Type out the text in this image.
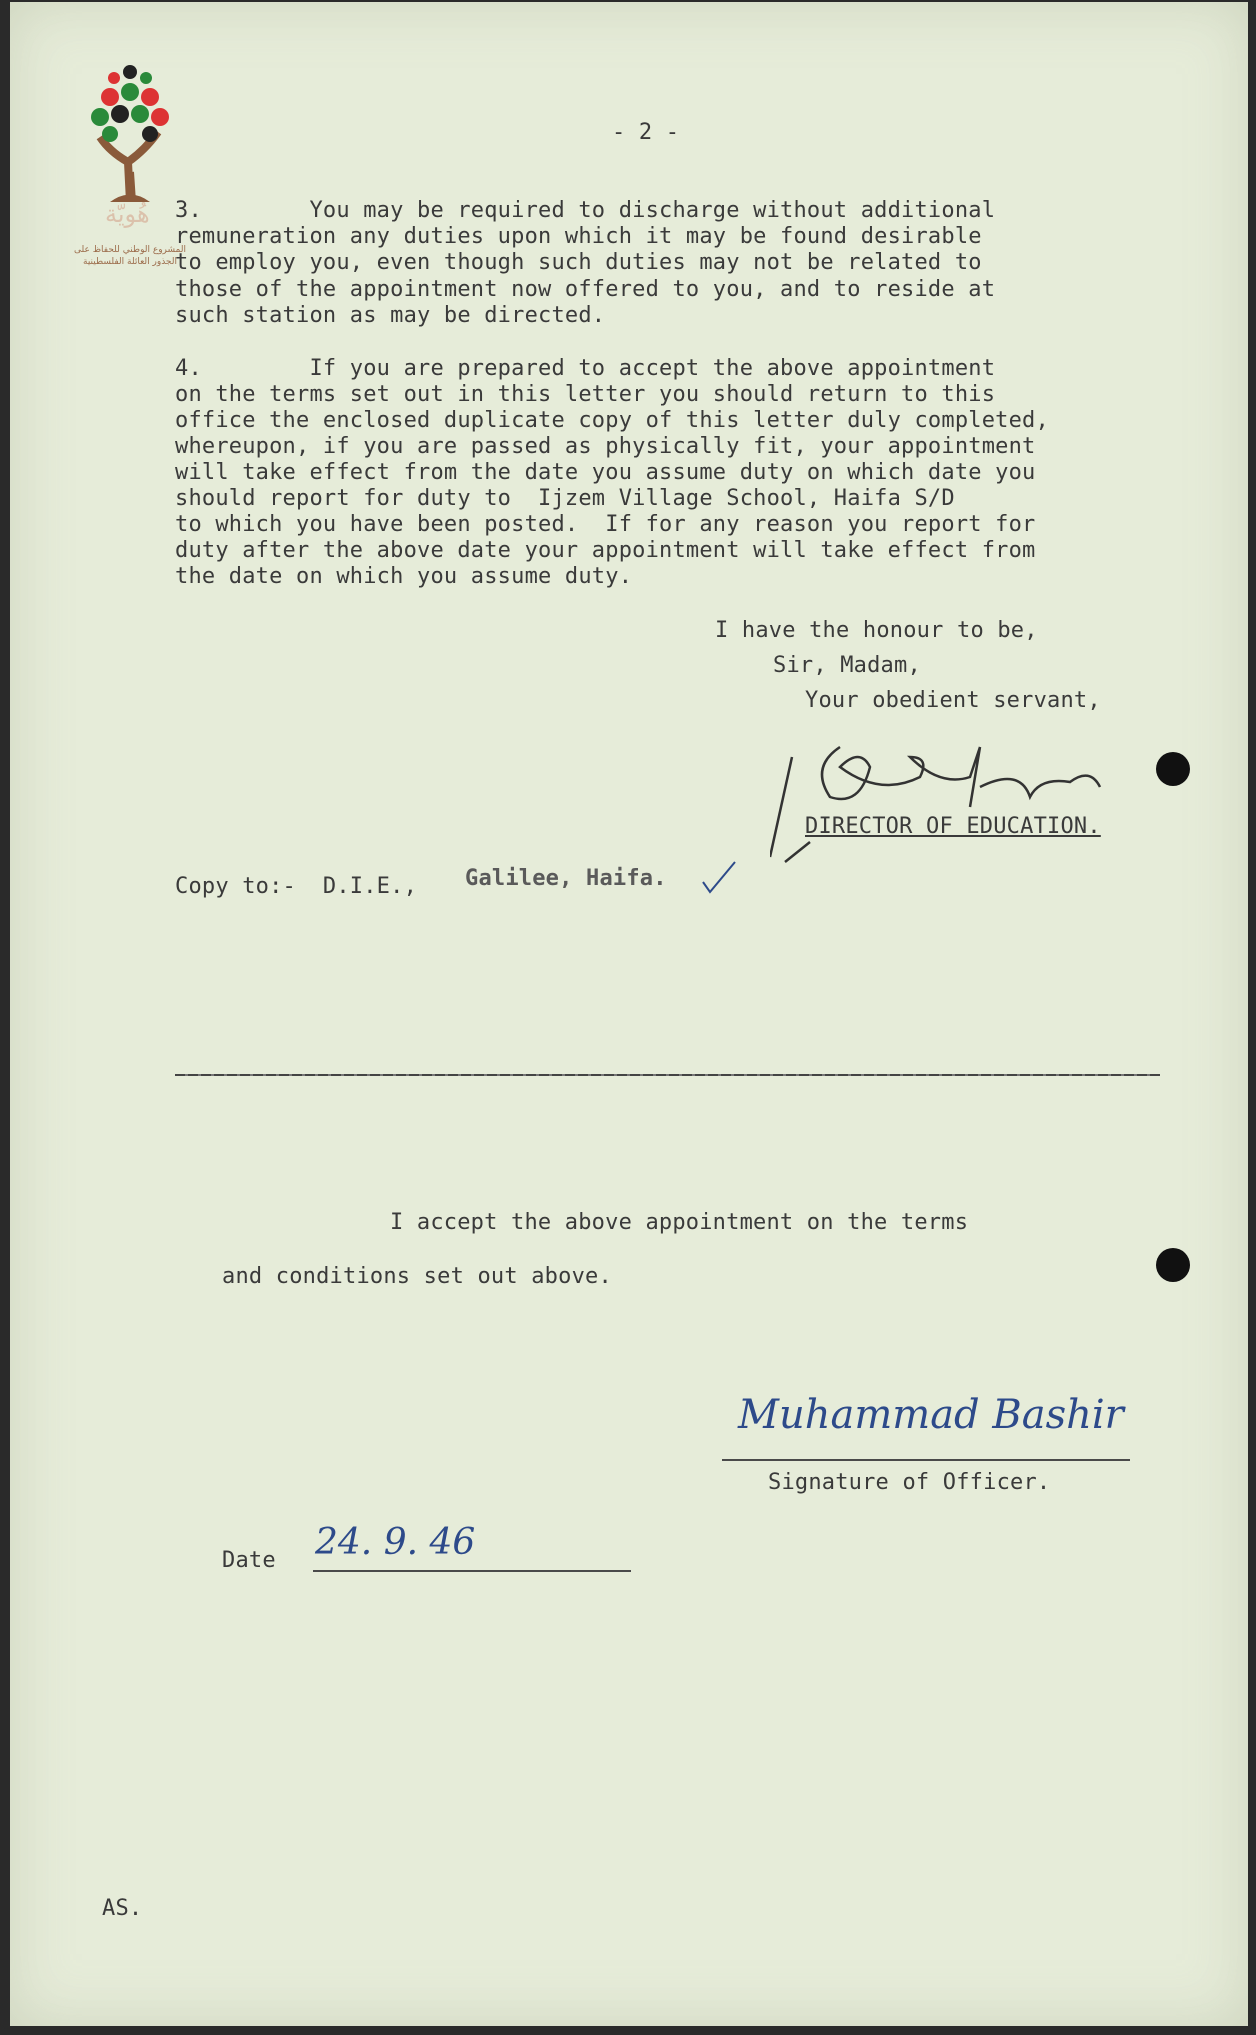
هُويّة
المشروع الوطني للحفاظ على
الجذور العائلة الفلسطينية
- 2 -
3.        You may be required to discharge without additional
remuneration any duties upon which it may be found desirable
to employ you, even though such duties may not be related to
those of the appointment now offered to you, and to reside at
such station as may be directed.
4.        If you are prepared to accept the above appointment
on the terms set out in this letter you should return to this
office the enclosed duplicate copy of this letter duly completed,
whereupon, if you are passed as physically fit, your appointment
will take effect from the date you assume duty on which date you
should report for duty to  Ijzem Village School, Haifa S/D
to which you have been posted.  If for any reason you report for
duty after the above date your appointment will take effect from
the date on which you assume duty.
I have the honour to be,
Sir, Madam,
Your obedient servant,
DIRECTOR OF EDUCATION.
Copy to:-  D.I.E., Galilee, Haifa.
I accept the above appointment on the terms
and conditions set out above.
Muhammad Bashir
Signature of Officer.
Date 24. 9. 46
AS.
